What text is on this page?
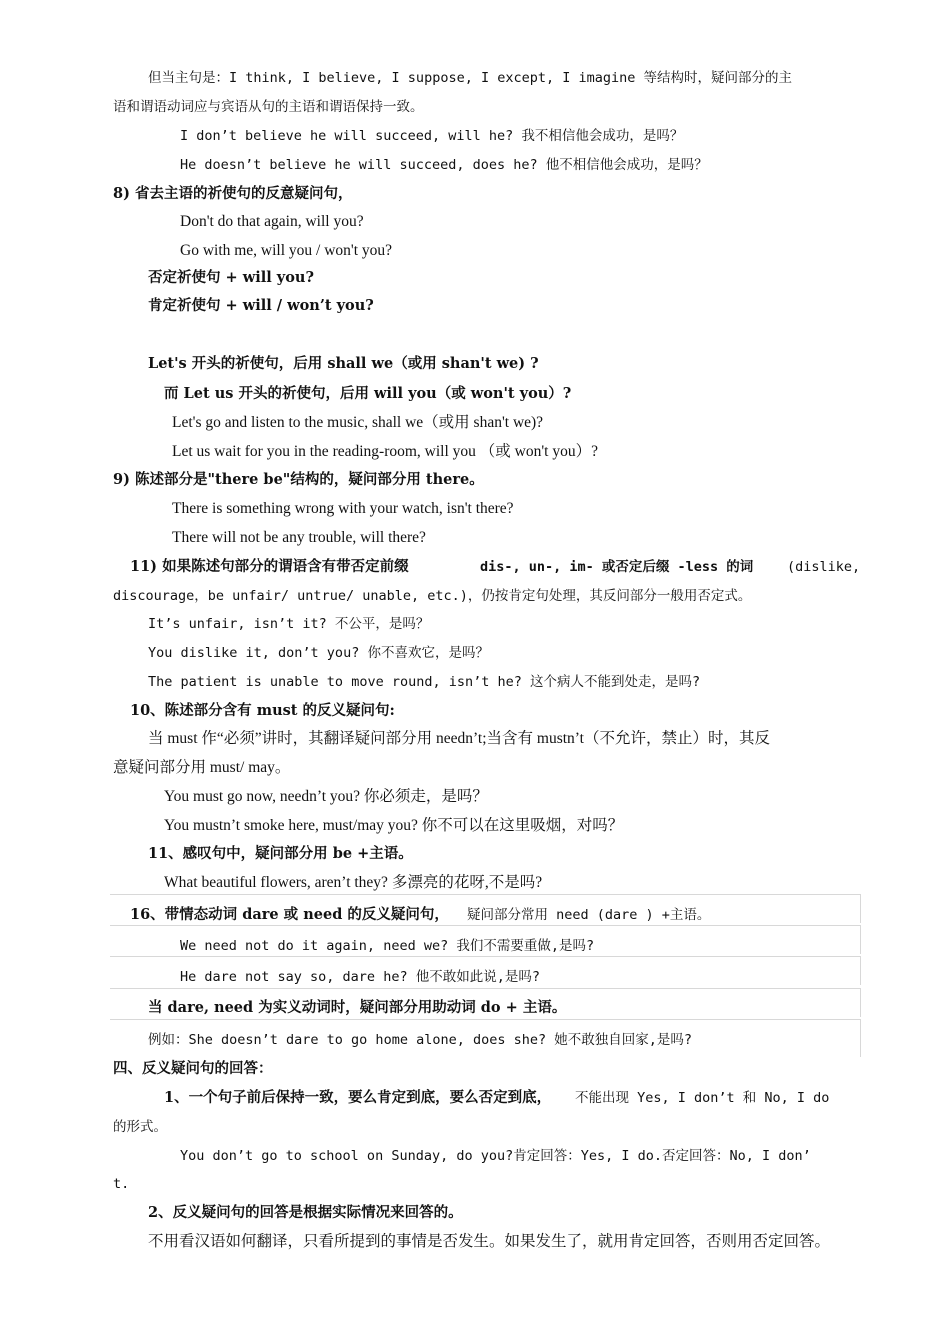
但当主句是：I think, I believe, I suppose, I except, I imagine 等结构时，疑问部分的主
语和谓语动词应与宾语从句的主语和谓语保持一致。
I don’t believe he will succeed, will he? 我不相信他会成功，是吗？
He doesn’t believe he will succeed, does he? 他不相信他会成功，是吗？
8) 省去主语的祈使句的反意疑问句，
Don't do that again, will you?
Go with me, will you / won't you?
否定祈使句 + will you?
肯定祈使句 + will / won’t you?
Let's 开头的祈使句，后用 shall we（或用 shan't we) ?
而 Let us 开头的祈使句，后用 will you（或 won't you）?
Let's go and listen to the music, shall we（或用 shan't we)?
Let us wait for you in the reading-room, will you （或 won't you）?
9) 陈述部分是"there be"结构的，疑问部分用 there。
There is something wrong with your watch, isn't there?
There will not be any trouble, will there?
11) 如果陈述句部分的谓语含有带否定前缀	dis-, un-, im- 或否定后缀 -less 的词 (dislike,
discourage，be unfair/ untrue/ unable, etc.)，仍按肯定句处理，其反问部分一般用否定式。
It’s unfair, isn’t it? 不公平，是吗？
You dislike it, don’t you? 你不喜欢它，是吗？
The patient is unable to move round, isn’t he? 这个病人不能到处走，是吗?
10、陈述部分含有 must 的反义疑问句:
当 must 作“必须”讲时，其翻译疑问部分用 needn’t;当含有 mustn’t（不允许，禁止）时，其反
意疑问部分用 must/ may。
You must go now, needn’t you? 你必须走，是吗？
You mustn’t smoke here, must/may you? 你不可以在这里吸烟，对吗？
11、感叹句中，疑问部分用 be +主语。
What beautiful flowers, aren’t they? 多漂亮的花呀,不是吗?
16、带情态动词 dare 或 need 的反义疑问句， 疑问部分常用 need (dare ) +主语。
We need not do it again, need we? 我们不需要重做,是吗?
He dare not say so, dare he? 他不敢如此说,是吗?
当 dare, need 为实义动词时，疑问部分用助动词 do + 主语。
例如：She doesn’t dare to go home alone, does she? 她不敢独自回家,是吗?
四、反义疑问句的回答：
1、一个句子前后保持一致，要么肯定到底，要么否定到底， 不能出现 Yes, I don’t 和 No, I do
的形式。
You don’t go to school on Sunday, do you?肯定回答：Yes, I do.否定回答：No, I don’
t.
2、反义疑问句的回答是根据实际情况来回答的。
不用看汉语如何翻译，只看所提到的事情是否发生。如果发生了，就用肯定回答，否则用否定回答。
